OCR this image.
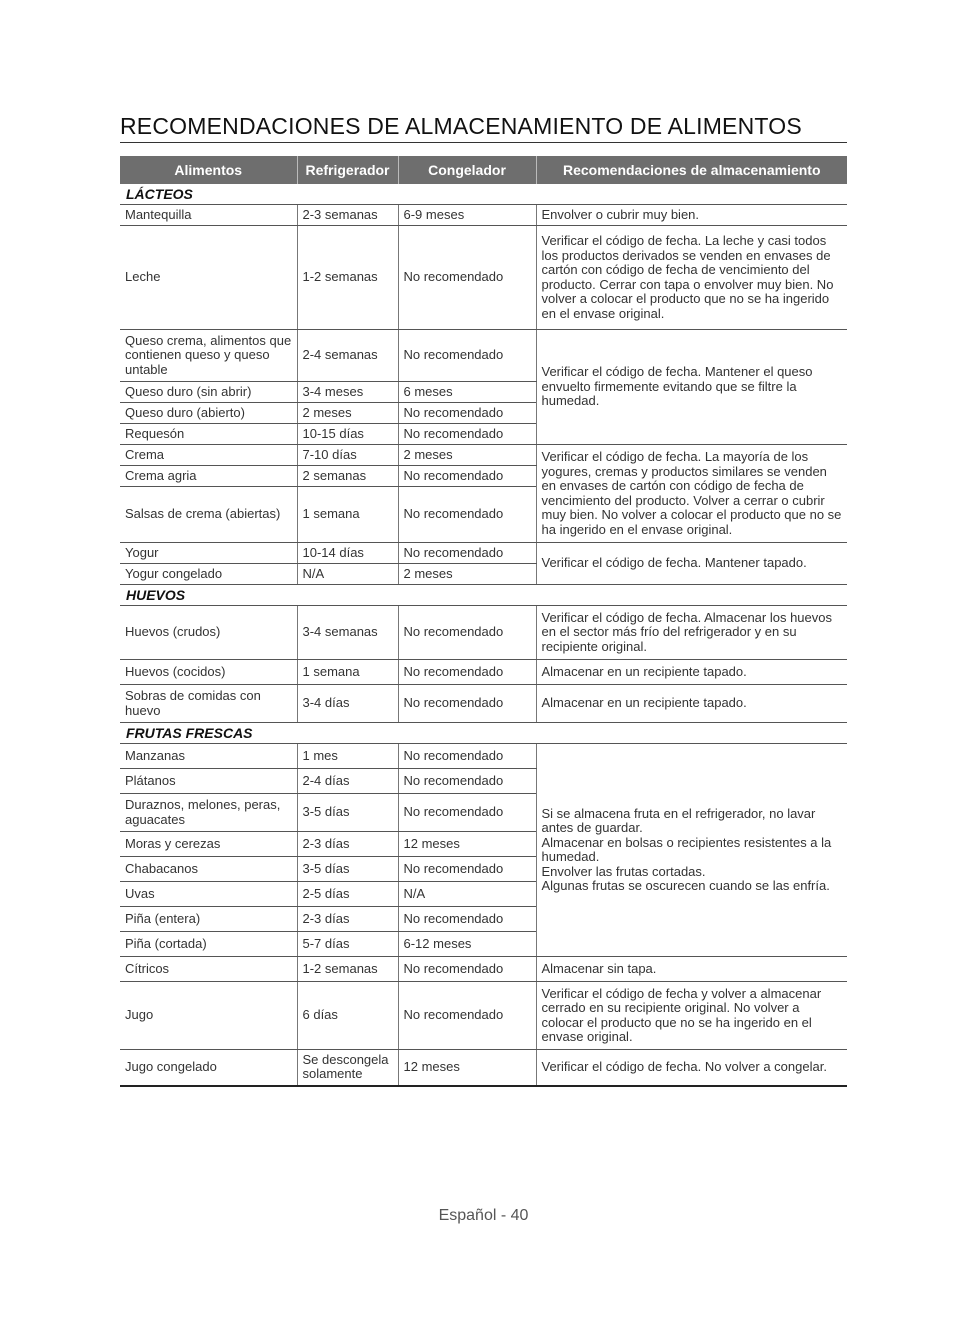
RECOMENDACIONES DE ALMACENAMIENTO DE ALIMENTOS
Alimentos	Refrigerador	Congelador	Recomendaciones de almacenamiento
LÁCTEOS			
Mantequilla	2-3 semanas	6-9 meses	Envolver o cubrir muy bien.
Leche	1-2 semanas	No recomendado	Verificar el código de fecha. La leche y casi todos los productos derivados se venden en envases de cartón con código de fecha de vencimiento del producto. Cerrar con tapa o envolver muy bien. No volver a colocar el producto que no se ha ingerido en el envase original.
Queso crema, alimentos que contienen queso y queso untable	2-4 semanas	No recomendado	Verificar el código de fecha. Mantener el queso envuelto firmemente evitando que se filtre la humedad.
Queso duro (sin abrir)	3-4 meses	6 meses	
Queso duro (abierto)	2 meses	No recomendado	
Requesón	10-15 días	No recomendado	
Crema	7-10 días	2 meses	Verificar el código de fecha. La mayoría de los yogures, cremas y productos similares se venden en envases de cartón con código de fecha de vencimiento del producto. Volver a cerrar o cubrir muy bien. No volver a colocar el producto que no se ha ingerido en el envase original.
Crema agria	2 semanas	No recomendado	
Salsas de crema (abiertas)	1 semana	No recomendado	
Yogur	10-14 días	No recomendado	Verificar el código de fecha. Mantener tapado.
Yogur congelado	N/A	2 meses	
HUEVOS			
Huevos (crudos)	3-4 semanas	No recomendado	Verificar el código de fecha. Almacenar los huevos en el sector más frío del refrigerador y en su recipiente original.
Huevos (cocidos)	1 semana	No recomendado	Almacenar en un recipiente tapado.
Sobras de comidas con huevo	3-4 días	No recomendado	Almacenar en un recipiente tapado.
FRUTAS FRESCAS			
Manzanas	1 mes	No recomendado	Si se almacena fruta en el refrigerador, no lavar antes de guardar.
Almacenar en bolsas o recipientes resistentes a la humedad.
Envolver las frutas cortadas.
Algunas frutas se oscurecen cuando se las enfría.
Plátanos	2-4 días	No recomendado	
Duraznos, melones, peras, aguacates	3-5 días	No recomendado	
Moras y cerezas	2-3 días	12 meses	
Chabacanos	3-5 días	No recomendado	
Uvas	2-5 días	N/A	
Piña (entera)	2-3 días	No recomendado	
Piña (cortada)	5-7 días	6-12 meses	
Cítricos	1-2 semanas	No recomendado	Almacenar sin tapa.
Jugo	6 días	No recomendado	Verificar el código de fecha y volver a almacenar cerrado en su recipiente original. No volver a colocar el producto que no se ha ingerido en el envase original.
Jugo congelado	Se descongela solamente	12 meses	Verificar el código de fecha. No volver a congelar.
Español - 40
